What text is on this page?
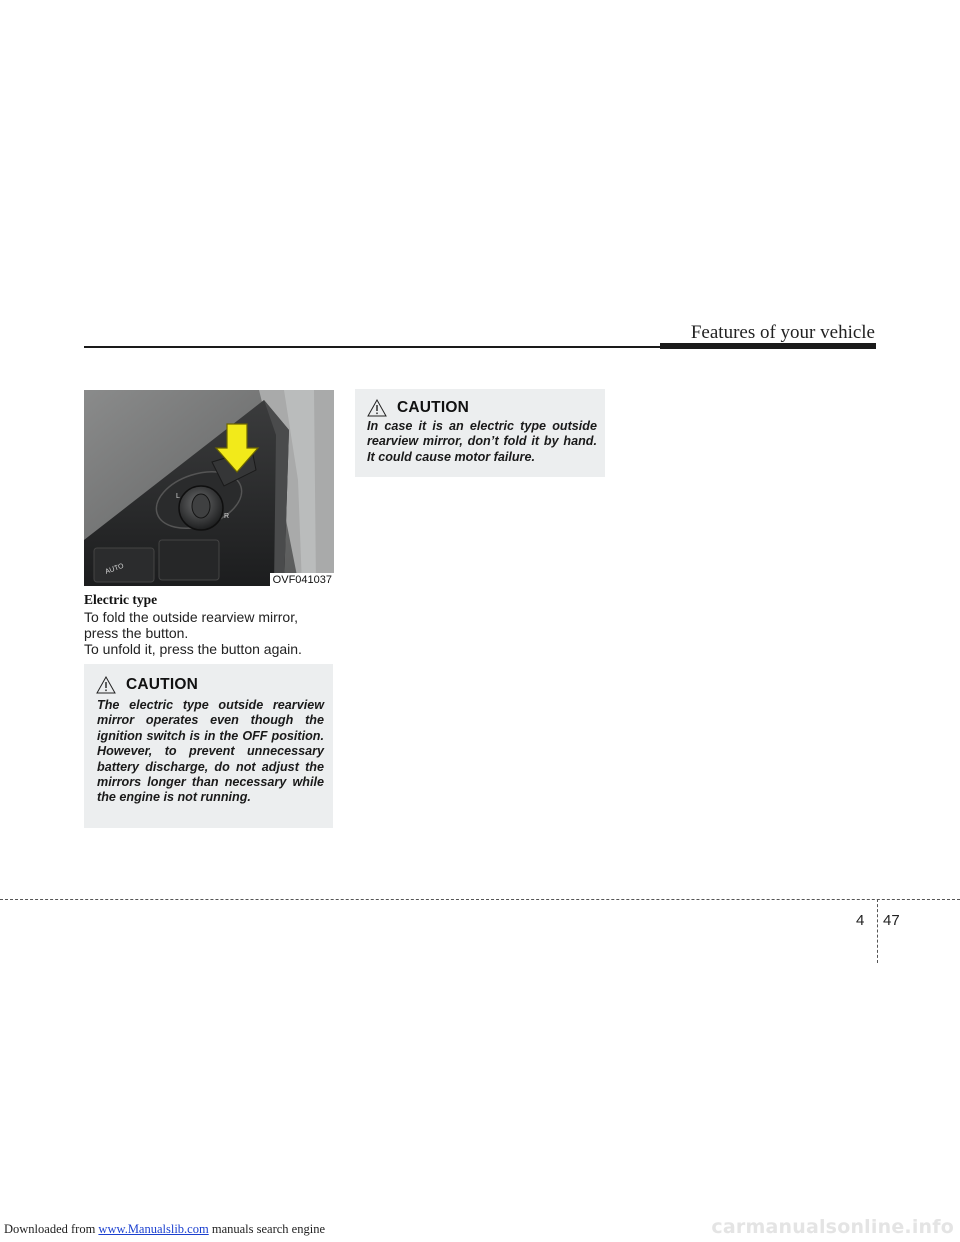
Features of your vehicle
L
R
AUTO
OVF041037
Electric type

To fold the outside rearview mirror, press the button.

To unfold it, press the button again.

CAUTION

The electric type outside rearview mirror operates even though the ignition switch is in the OFF position. However, to prevent unnecessary battery discharge, do not adjust the mirrors longer than necessary while the engine is not running.

CAUTION

In case it is an electric type outside rearview mirror, don’t fold it by hand. It could cause motor failure.

4 47
Downloaded from www.Manualslib.com manuals search engine	carmanualsonline.info
